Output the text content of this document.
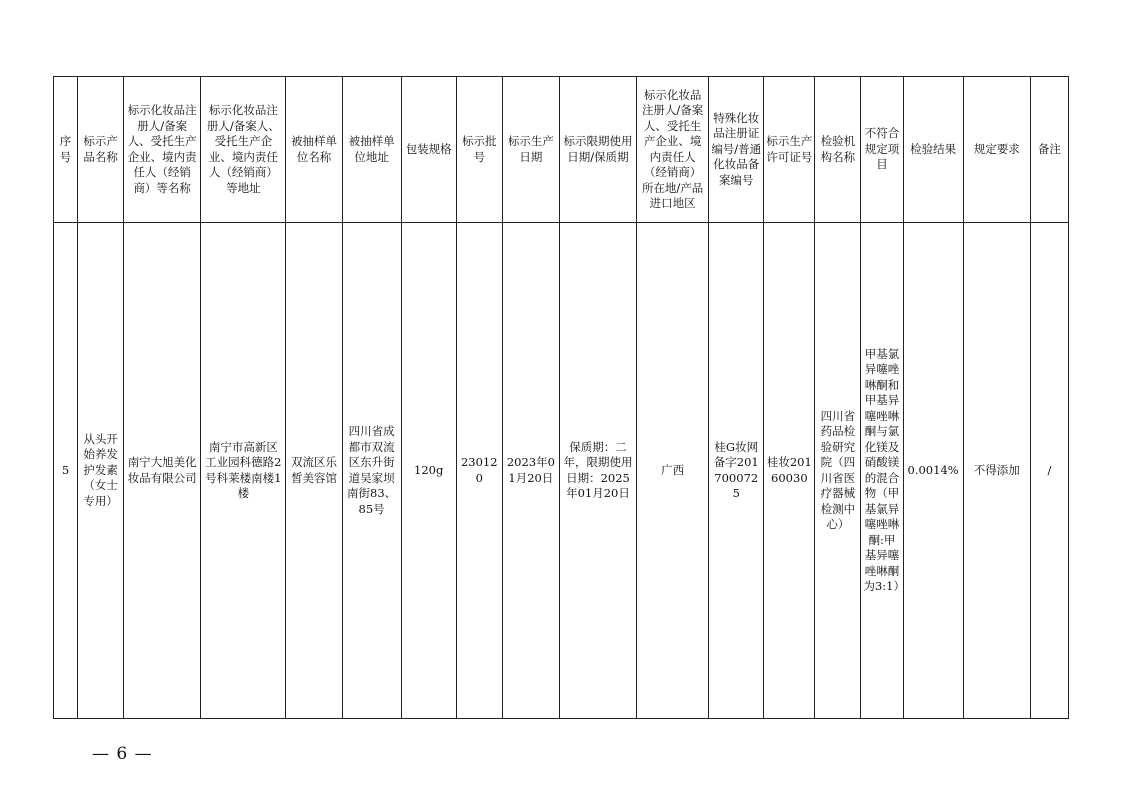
序号	标示产品名称	标示化妆品注册人/备案人、受托生产企业、境内责任人（经销商）等名称	标示化妆品注册人/备案人、受托生产企业、境内责任人（经销商）等地址	被抽样单位名称	被抽样单位地址	包装规格	标示批号	标示生产日期	标示限期使用日期/保质期	标示化妆品注册人/备案人、受托生产企业、境内责任人（经销商）所在地/产品进口地区	特殊化妆品注册证编号/普通化妆品备案编号	标示生产许可证号	检验机构名称	不符合规定项目	检验结果	规定要求	备注
5	从头开始养发护发素（女士专用）	南宁大旭美化妆品有限公司	南宁市高新区工业园科德路2号科莱楼南楼1楼	双流区乐皙美容馆	四川省成都市双流区东升街道吴家坝南街83、85号	120g	230120	2023年01月20日	保质期：二年，限期使用日期：2025年01月20日	广西	桂G妆网备字2017000725	桂妆20160030	四川省药品检验研究院（四川省医疗器械检测中心）	甲基氯异噻唑啉酮和甲基异噻唑啉酮与氯化镁及硝酸镁的混合物（甲基氯异噻唑啉酮:甲基异噻唑啉酮为3:1）	0.0014%	不得添加	/
— 6 —
